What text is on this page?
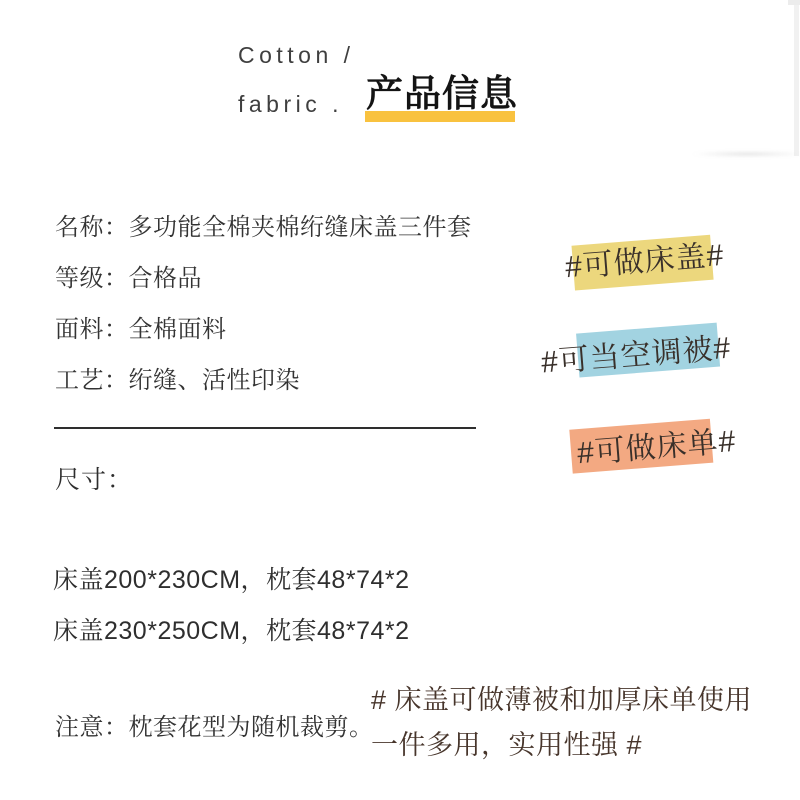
Cotton /
fabric . 产品信息
名称：多功能全棉夹棉绗缝床盖三件套
等级：合格品
面料：全棉面料
工艺：绗缝、活性印染
#可做床盖#
#可当空调被#
#可做床单#
尺寸：
床盖200*230CM，枕套48*74*2
床盖230*250CM，枕套48*74*2
注意：枕套花型为随机裁剪。
# 床盖可做薄被和加厚床单使用
一件多用，实用性强 #
